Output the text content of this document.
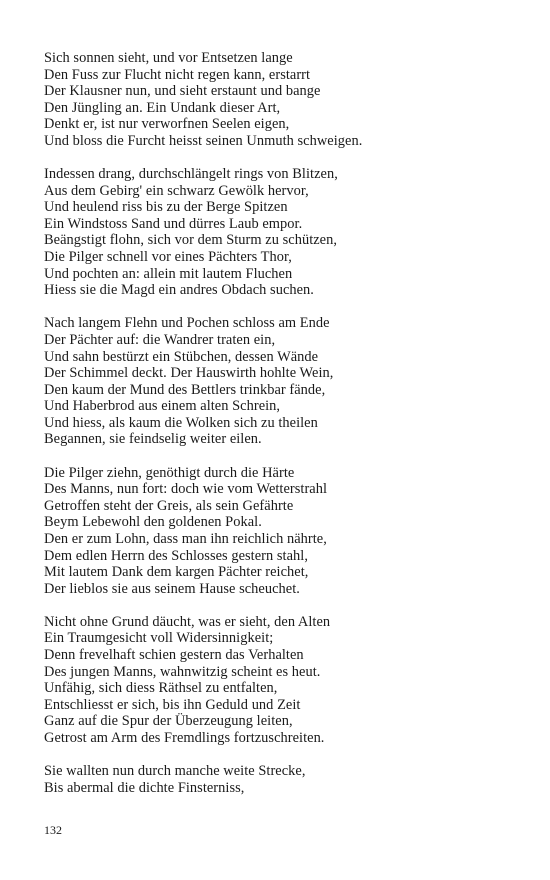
Sich sonnen sieht, und vor Entsetzen lange
Den Fuss zur Flucht nicht regen kann, erstarrt
Der Klausner nun, und sieht erstaunt und bange
Den Jüngling an. Ein Undank dieser Art,
Denkt er, ist nur verworfnen Seelen eigen,
Und bloss die Furcht heisst seinen Unmuth schweigen.
Indessen drang, durchschlängelt rings von Blitzen,
Aus dem Gebirg' ein schwarz Gewölk hervor,
Und heulend riss bis zu der Berge Spitzen
Ein Windstoss Sand und dürres Laub empor.
Beängstigt flohn, sich vor dem Sturm zu schützen,
Die Pilger schnell vor eines Pächters Thor,
Und pochten an: allein mit lautem Fluchen
Hiess sie die Magd ein andres Obdach suchen.
Nach langem Flehn und Pochen schloss am Ende
Der Pächter auf: die Wandrer traten ein,
Und sahn bestürzt ein Stübchen, dessen Wände
Der Schimmel deckt. Der Hauswirth hohlte Wein,
Den kaum der Mund des Bettlers trinkbar fände,
Und Haberbrod aus einem alten Schrein,
Und hiess, als kaum die Wolken sich zu theilen
Begannen, sie feindselig weiter eilen.
Die Pilger ziehn, genöthigt durch die Härte
Des Manns, nun fort: doch wie vom Wetterstrahl
Getroffen steht der Greis, als sein Gefährte
Beym Lebewohl den goldenen Pokal.
Den er zum Lohn, dass man ihn reichlich nährte,
Dem edlen Herrn des Schlosses gestern stahl,
Mit lautem Dank dem kargen Pächter reichet,
Der lieblos sie aus seinem Hause scheuchet.
Nicht ohne Grund däucht, was er sieht, den Alten
Ein Traumgesicht voll Widersinnigkeit;
Denn frevelhaft schien gestern das Verhalten
Des jungen Manns, wahnwitzig scheint es heut.
Unfähig, sich diess Räthsel zu entfalten,
Entschliesst er sich, bis ihn Geduld und Zeit
Ganz auf die Spur der Überzeugung leiten,
Getrost am Arm des Fremdlings fortzuschreiten.
Sie wallten nun durch manche weite Strecke,
Bis abermal die dichte Finsterniss,
132
